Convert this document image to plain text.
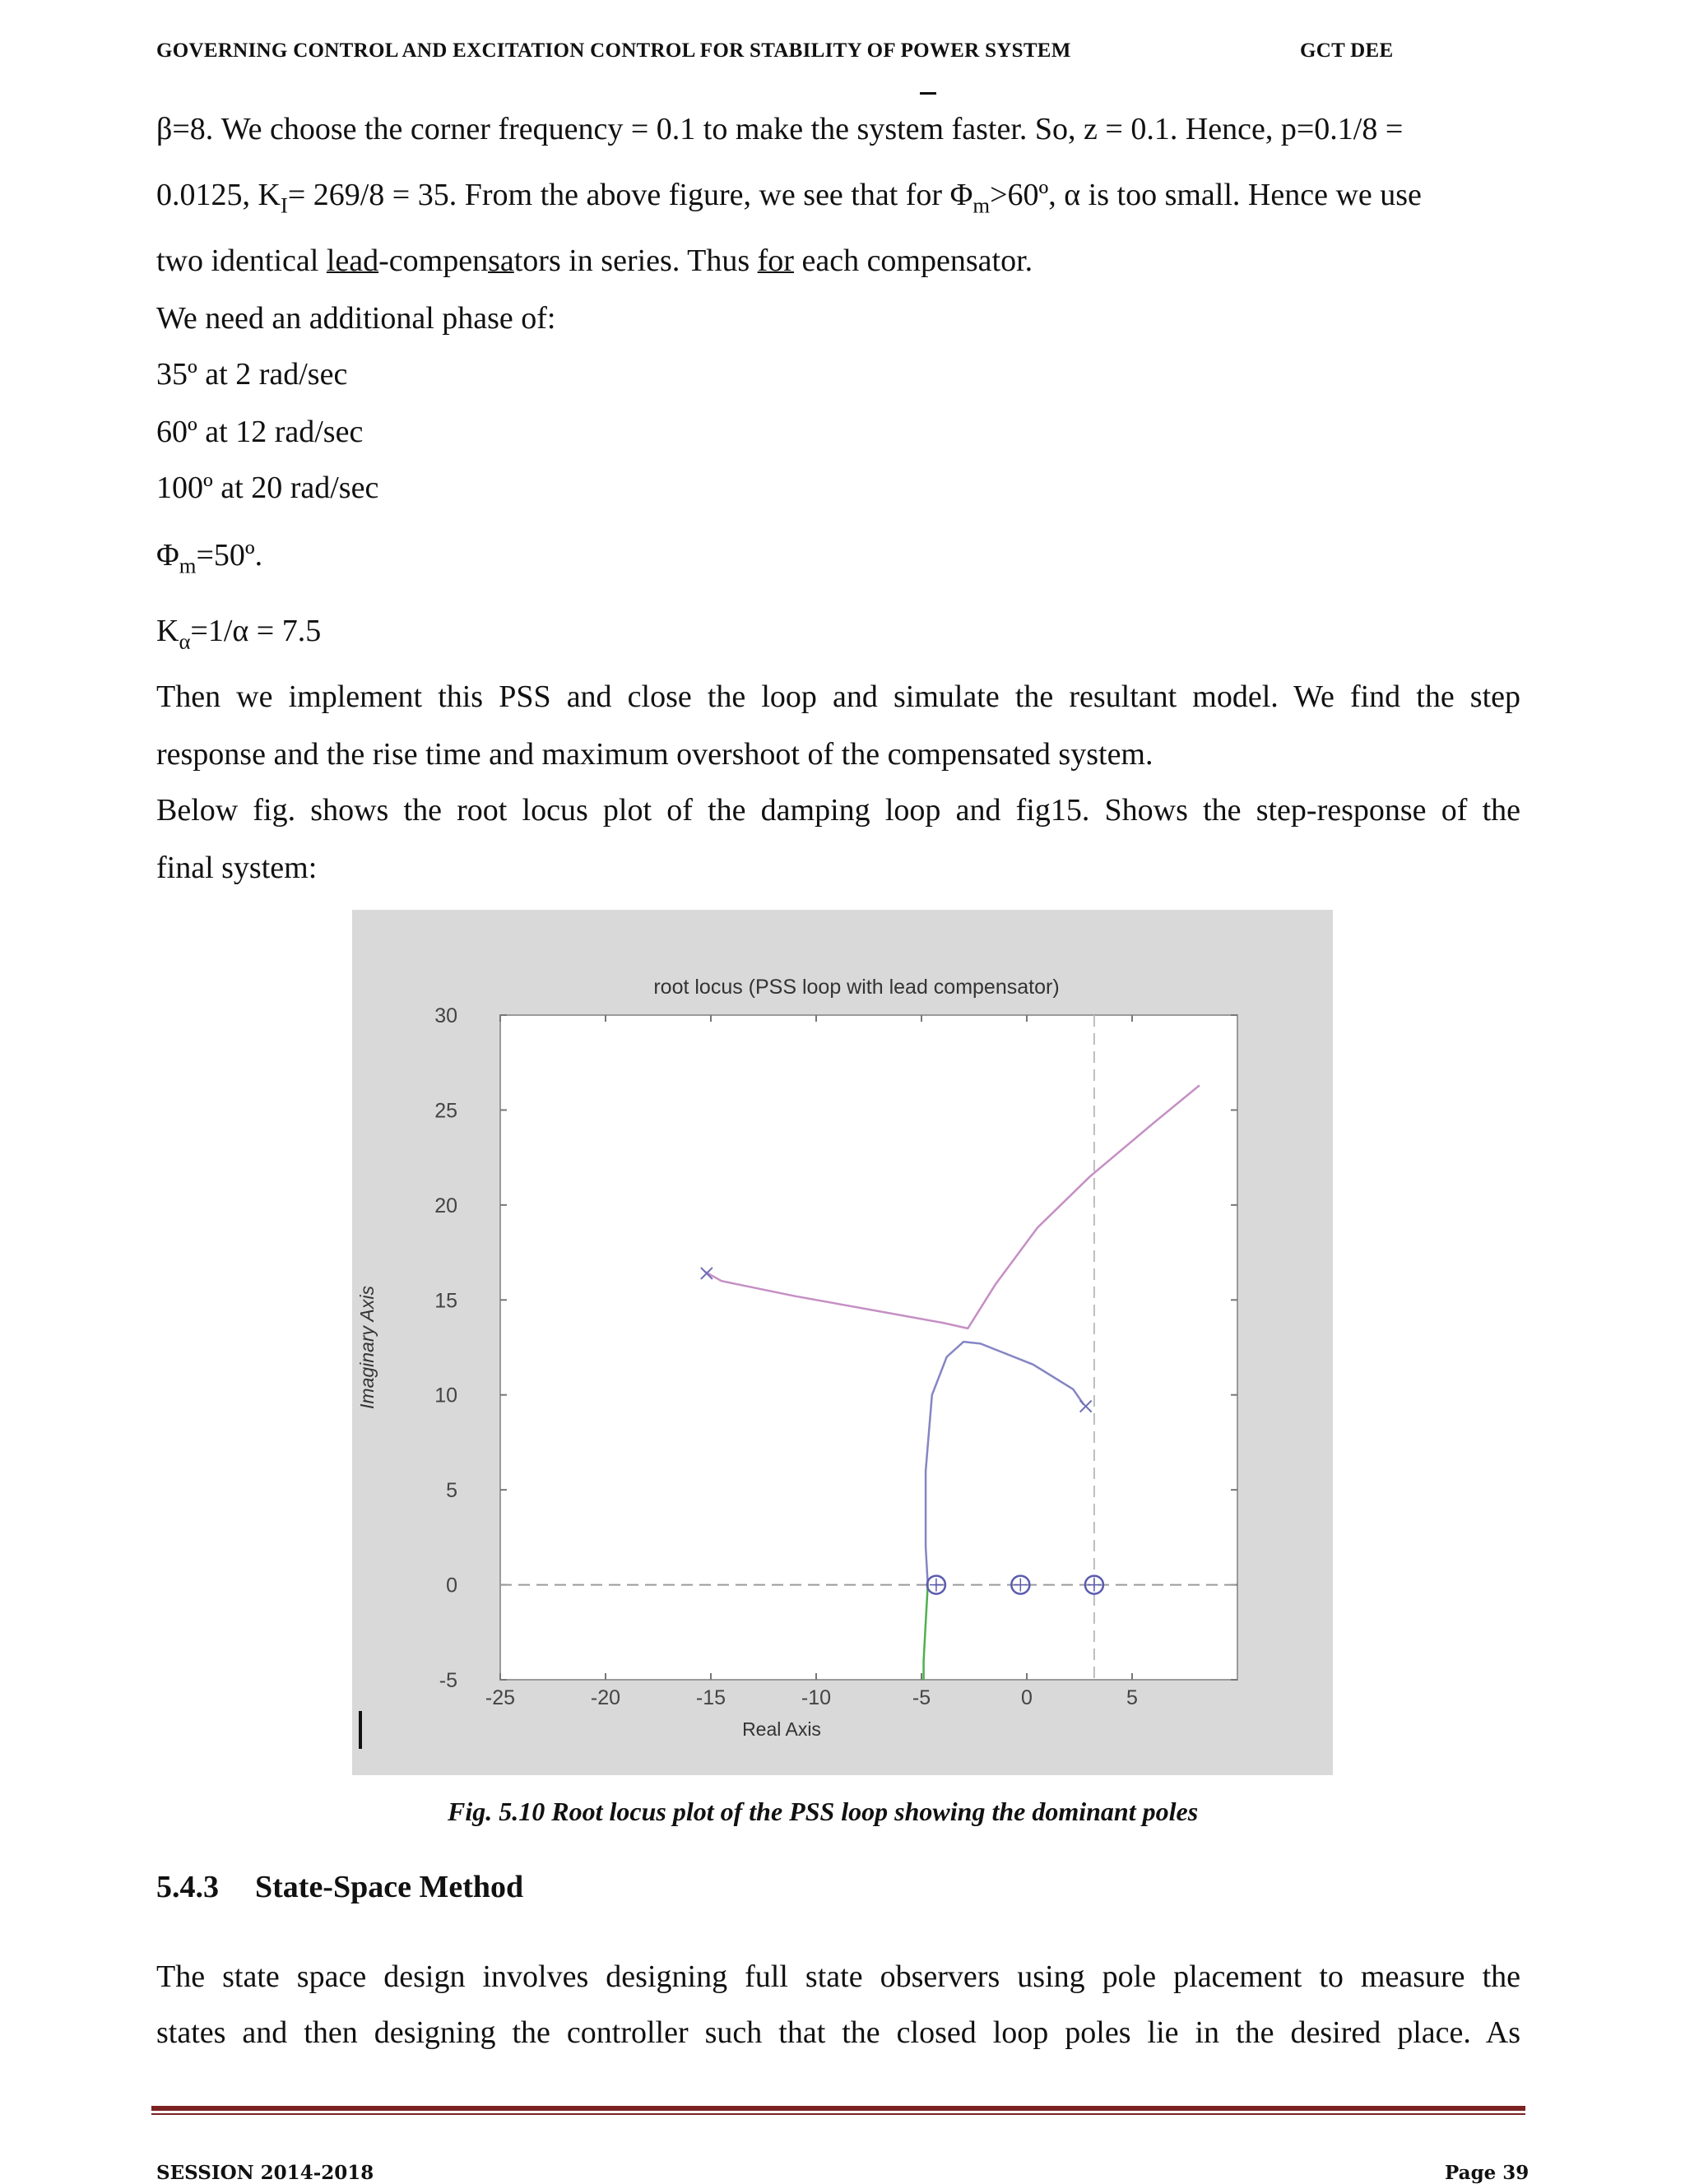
GOVERNING CONTROL AND EXCITATION CONTROL FOR STABILITY OF POWER SYSTEM	GCT DEE
β=8. We choose the corner frequency = 0.1 to make the system faster. So, z = 0.1. Hence, p=0.1/8 =
0.0125, $K_I= 269/8 = 35$. From the above figure, we see that for $\Phi_m>60º$, α is too small. Hence we use
two identical lead-compensators in series. Thus for each compensator.
We need an additional phase of:
35º at 2 rad/sec
60º at 12 rad/sec
100º at 20 rad/sec
$\Phi_m=50º$.
$K_\alpha=1/\alpha = 7.5$
Then we implement this PSS and close the loop and simulate the resultant model. We find the step
response and the rise time and maximum overshoot of the compensated system.
Below fig. shows the root locus plot of the damping loop and fig15. Shows the step-response of the
final system:
root locus (PSS loop with lead compensator)
Real Axis
Imaginary Axis
-25	-20	-15	-10	-5	0	5
30
25
20
15
10
5
0
-5
Fig. 5.10 Root locus plot of the PSS loop showing the dominant poles
5.4.3 State-Space Method
The state space design involves designing full state observers using pole placement to measure the
states and then designing the controller such that the closed loop poles lie in the desired place. As
SESSION 2014-2018	Page 39
